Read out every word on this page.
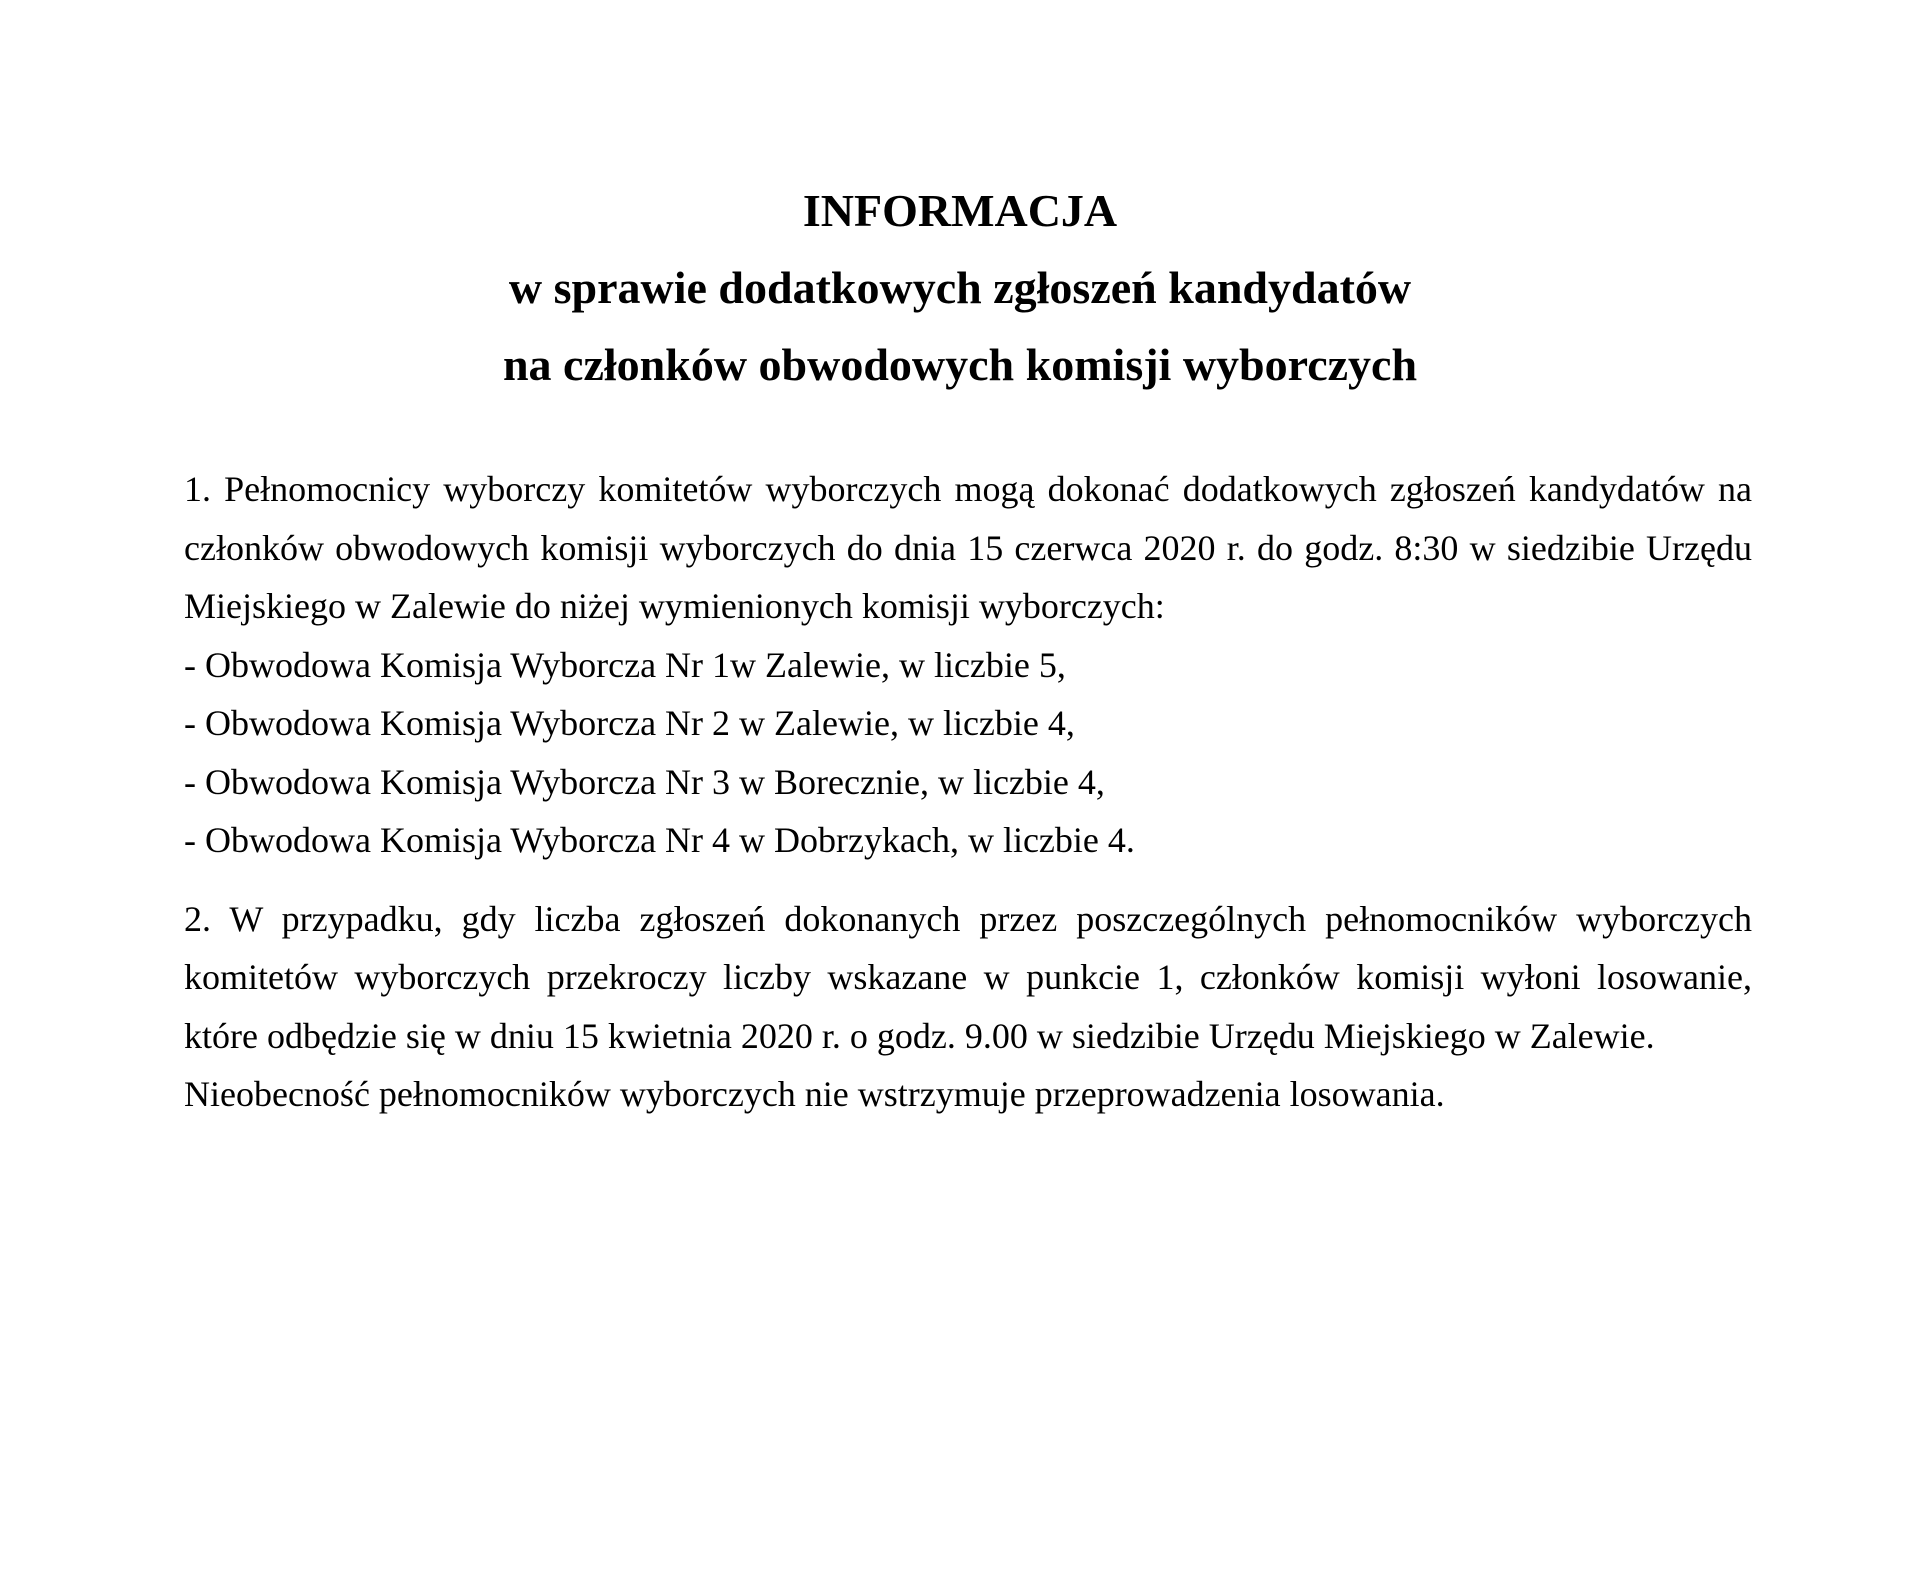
INFORMACJA
w sprawie dodatkowych zgłoszeń kandydatów
na członków obwodowych komisji wyborczych

1. Pełnomocnicy wyborczy komitetów wyborczych mogą dokonać dodatkowych zgłoszeń kandydatów na członków obwodowych komisji wyborczych do dnia 15 czerwca 2020 r. do godz. 8:30 w siedzibie Urzędu Miejskiego w Zalewie do niżej wymienionych komisji wyborczych:

- Obwodowa Komisja Wyborcza Nr 1w Zalewie, w liczbie 5,
- Obwodowa Komisja Wyborcza Nr 2 w Zalewie, w liczbie 4,
- Obwodowa Komisja Wyborcza Nr 3 w Borecznie, w liczbie 4,
- Obwodowa Komisja Wyborcza Nr 4 w Dobrzykach, w liczbie 4.

2. W przypadku, gdy liczba zgłoszeń dokonanych przez poszczególnych pełnomocników wyborczych komitetów wyborczych przekroczy liczby wskazane w punkcie 1, członków komisji wyłoni losowanie, które odbędzie się w dniu 15 kwietnia 2020 r. o godz. 9.00 w siedzibie Urzędu Miejskiego w Zalewie.

Nieobecność pełnomocników wyborczych nie wstrzymuje przeprowadzenia losowania.
